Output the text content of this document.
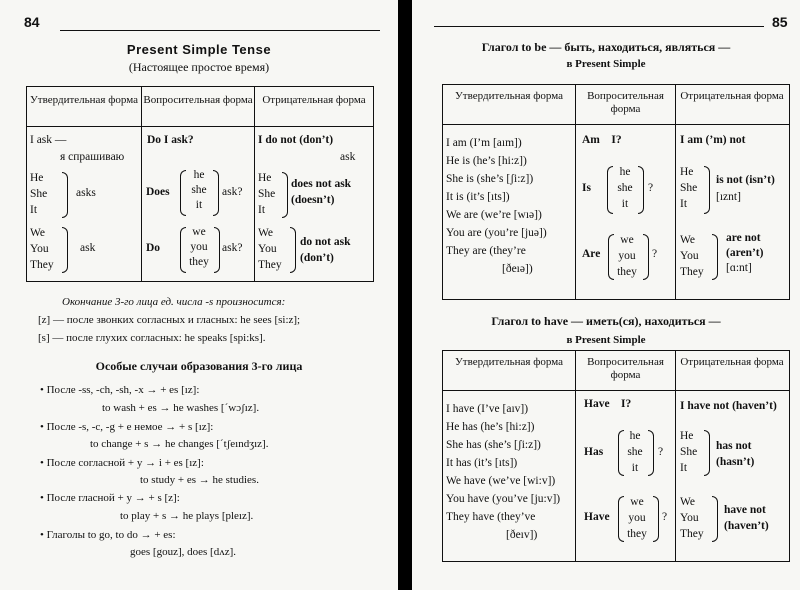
84
Present Simple Tense
(Настоящее простое время)
Утвердительная форма Вопросительная форма Отрицательная форма
I ask —
я спрашиваю
He
She
It
asks
We
You
They
ask
Do I ask?
Does
he
she
it
ask?
Do
we
you
they
ask?
I do not (don’t)
ask
He
She
It
does not ask
(doesn’t)
We
You
They
do not ask
(don’t)
Окончание 3-го лица ед. числа -s произносится:
[z] — после звонких согласных и гласных: he sees [si:z];
[s] — после глухих согласных: he speaks [spi:ks].
Особые случаи образования 3-го лица
• После -ss, -ch, -sh, -x → + es [ız]:
to wash + es → he washes [´wɔʃız].
• После -s, -c, -g + e немое → + s [ız]:
to change + s → he changes [´tʃeındʒız].
• После согласной + y → i + es [ız]:
to study + es → he studies.
• После гласной + y → + s [z]:
to play + s → he plays [pleız].
• Глаголы to go, to do → + es:
goes [gouz], does [dʌz].
85
Глагол to be — быть, находиться, являться —
в Present Simple
Утвердительная форма	Вопросительная форма
Отрицательная форма
I am (I’m [aım])
He is (he’s [hi:z])
She is (she’s [ʃi:z])
It is (it’s [ıts])
We are (we’re [wıə])
You are (you’re [juə])
They are (they’re
[ðeıə])
Am    I?
Is
he
she
it
?
Are
we
you
they
?
I am (’m) not
He
She
It
is not (isn’t)
[ıznt]
We
You
They
are not
(aren’t)
[ɑ:nt]
Глагол to have — иметь(ся), находиться —
в Present Simple
Утвердительная форма	Вопросительная форма
Отрицательная форма
I have (I’ve [aıv])
He has (he’s [hi:z])
She has (she’s [ʃi:z])
It has (it’s [ıts])
We have (we’ve [wi:v])
You have (you’ve [ju:v])
They have (they’ve
[ðeıv])
Have    I?
Has
he
she
it
?
Have
we
you
they
?
I have not (haven’t)
He
She
It
has not
(hasn’t)
We
You
They
have not
(haven’t)
